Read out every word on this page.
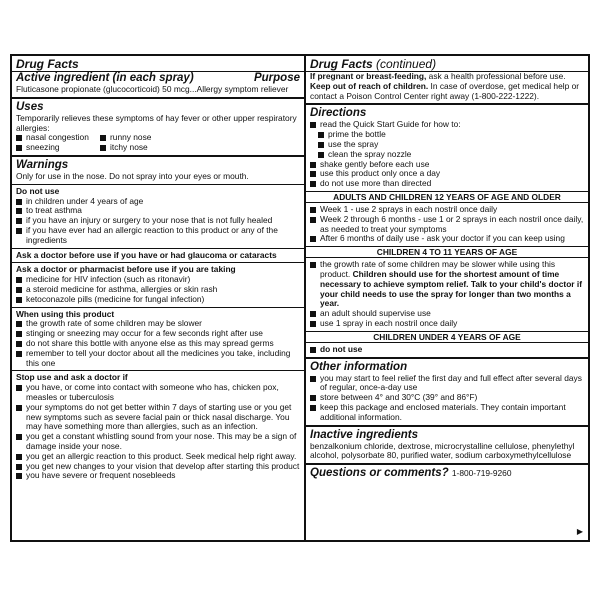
Drug Facts
Active ingredient (in each spray)	Purpose
Fluticasone propionate (glucocorticoid) 50 mcg...Allergy symptom reliever
Uses
Temporarily relieves these symptoms of hay fever or other upper respiratory allergies:
nasal congestion	runny nose
sneezing	itchy nose
Warnings
Only for use in the nose. Do not spray into your eyes or mouth.
Do not use
in children under 4 years of age
to treat asthma
if you have an injury or surgery to your nose that is not fully healed
if you have ever had an allergic reaction to this product or any of the ingredients
Ask a doctor before use if you have or had glaucoma or cataracts
Ask a doctor or pharmacist before use if you are taking
medicine for HIV infection (such as ritonavir)
a steroid medicine for asthma, allergies or skin rash
ketoconazole pills (medicine for fungal infection)
When using this product
the growth rate of some children may be slower
stinging or sneezing may occur for a few seconds right after use
do not share this bottle with anyone else as this may spread germs
remember to tell your doctor about all the medicines you take, including this one
Stop use and ask a doctor if
you have, or come into contact with someone who has, chicken pox, measles or tuberculosis
your symptoms do not get better within 7 days of starting use or you get new symptoms such as severe facial pain or thick nasal discharge. You may have something more than allergies, such as an infection.
you get a constant whistling sound from your nose. This may be a sign of damage inside your nose.
you get an allergic reaction to this product. Seek medical help right away.
you get new changes to your vision that develop after starting this product
you have severe or frequent nosebleeds
Drug Facts (continued)
If pregnant or breast-feeding, ask a health professional before use.
Keep out of reach of children. In case of overdose, get medical help or contact a Poison Control Center right away (1-800-222-1222).
Directions
read the Quick Start Guide for how to:
prime the bottle
use the spray
clean the spray nozzle
shake gently before each use
use this product only once a day
do not use more than directed
ADULTS AND CHILDREN 12 YEARS OF AGE AND OLDER
Week 1 - use 2 sprays in each nostril once daily
Week 2 through 6 months - use 1 or 2 sprays in each nostril once daily, as needed to treat your symptoms
After 6 months of daily use - ask your doctor if you can keep using
CHILDREN 4 TO 11 YEARS OF AGE
the growth rate of some children may be slower while using this product. Children should use for the shortest amount of time necessary to achieve symptom relief. Talk to your child's doctor if your child needs to use the spray for longer than two months a year.
an adult should supervise use
use 1 spray in each nostril once daily
CHILDREN UNDER 4 YEARS OF AGE
do not use
Other information
you may start to feel relief the first day and full effect after several days of regular, once-a-day use
store between 4° and 30°C (39° and 86°F)
keep this package and enclosed materials. They contain important additional information.
Inactive ingredients
benzalkonium chloride, dextrose, microcrystalline cellulose, phenylethyl alcohol, polysorbate 80, purified water, sodium carboxymethylcellulose
Questions or comments? 1-800-719-9260
▶
